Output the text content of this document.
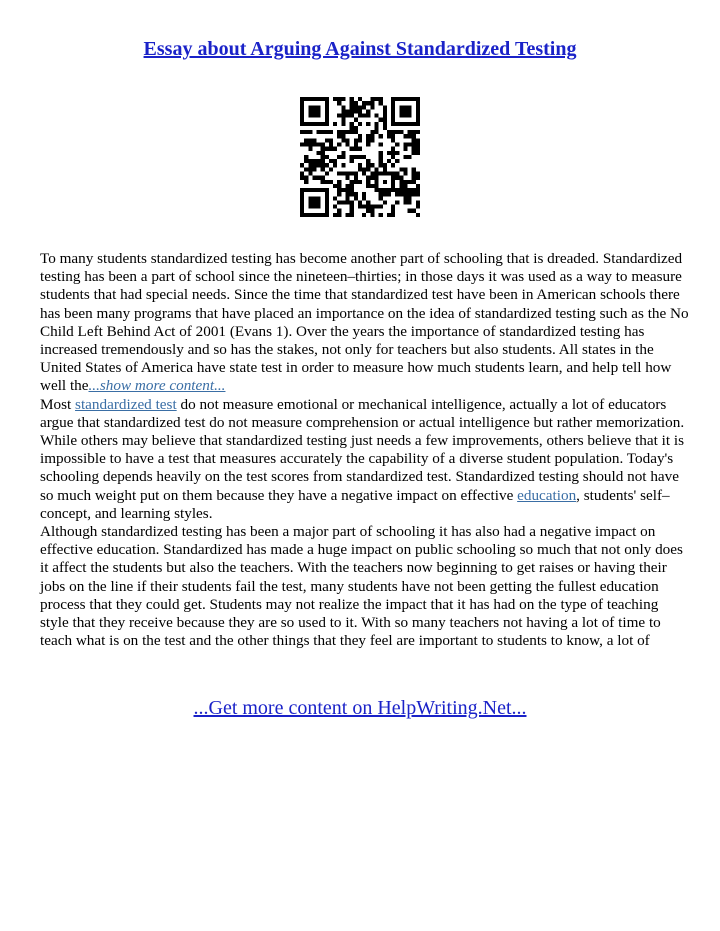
Essay about Arguing Against Standardized Testing

To many students standardized testing has become another part of schooling that is dreaded. Standardized testing has been a part of school since the nineteen–thirties; in those days it was used as a way to measure students that had special needs. Since the time that standardized test have been in American schools there has been many programs that have placed an importance on the idea of standardized testing such as the No Child Left Behind Act of 2001 (Evans 1). Over the years the importance of standardized testing has increased tremendously and so has the stakes, not only for teachers but also students. All states in the United States of America have state test in order to measure how much students learn, and help tell how well the...show more content...

Most standardized test do not measure emotional or mechanical intelligence, actually a lot of educators argue that standardized test do not measure comprehension or actual intelligence but rather memorization. While others may believe that standardized testing just needs a few improvements, others believe that it is impossible to have a test that measures accurately the capability of a diverse student population. Today's schooling depends heavily on the test scores from standardized test. Standardized testing should not have so much weight put on them because they have a negative impact on effective education, students' self–concept, and learning styles.

Although standardized testing has been a major part of schooling it has also had a negative impact on effective education. Standardized has made a huge impact on public schooling so much that not only does it affect the students but also the teachers. With the teachers now beginning to get raises or having their jobs on the line if their students fail the test, many students have not been getting the fullest education process that they could get. Students may not realize the impact that it has had on the type of teaching style that they receive because they are so used to it. With so many teachers not having a lot of time to teach what is on the test and the other things that they feel are important to students to know, a lot of

...Get more content on HelpWriting.Net...
